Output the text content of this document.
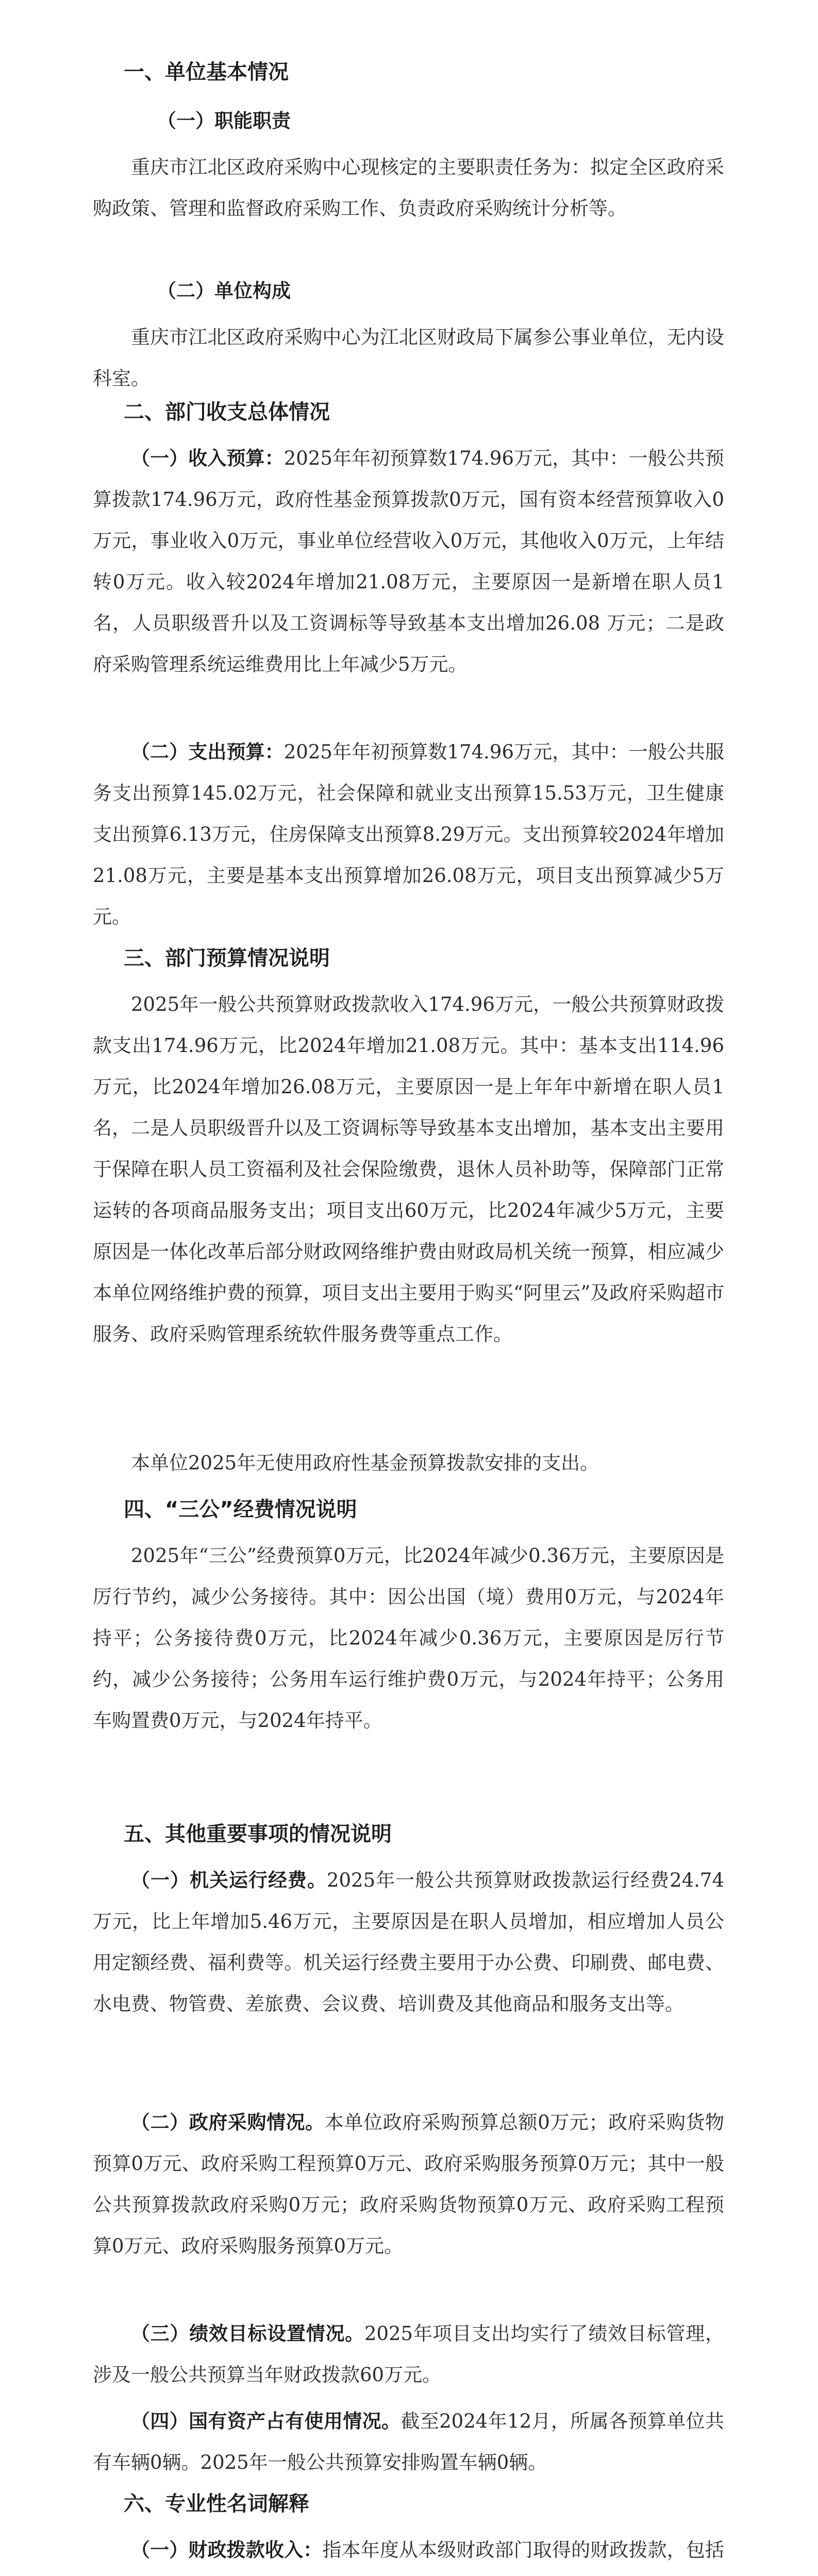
一、单位基本情况
（一）职能职责

重庆市江北区政府采购中心现核定的主要职责任务为：拟定全区政府采购政策、管理和监督政府采购工作、负责政府采购统计分析等。

（二）单位构成

重庆市江北区政府采购中心为江北区财政局下属参公事业单位，无内设科室。

二、部门收支总体情况

（一）收入预算：2025年年初预算数174.96万元，其中：一般公共预算拨款174.96万元，政府性基金预算拨款0万元，国有资本经营预算收入0万元，事业收入0万元，事业单位经营收入0万元，其他收入0万元，上年结转0万元。收入较2024年增加21.08万元，主要原因一是新增在职人员1名，人员职级晋升以及工资调标等导致基本支出增加26.08 万元；二是政府采购管理系统运维费用比上年减少5万元。

（二）支出预算：2025年年初预算数174.96万元，其中：一般公共服务支出预算145.02万元，社会保障和就业支出预算15.53万元，卫生健康支出预算6.13万元，住房保障支出预算8.29万元。支出预算较2024年增加21.08万元，主要是基本支出预算增加26.08万元，项目支出预算减少5万元。

三、部门预算情况说明

2025年一般公共预算财政拨款收入174.96万元，一般公共预算财政拨款支出174.96万元，比2024年增加21.08万元。其中：基本支出114.96万元，比2024年增加26.08万元，主要原因一是上年年中新增在职人员1名，二是人员职级晋升以及工资调标等导致基本支出增加，基本支出主要用于保障在职人员工资福利及社会保险缴费，退休人员补助等，保障部门正常运转的各项商品服务支出；项目支出60万元，比2024年减少5万元，主要原因是一体化改革后部分财政网络维护费由财政局机关统一预算，相应减少本单位网络维护费的预算，项目支出主要用于购买“阿里云”及政府采购超市服务、政府采购管理系统软件服务费等重点工作。

本单位2025年无使用政府性基金预算拨款安排的支出。

四、“三公”经费情况说明

2025年“三公”经费预算0万元，比2024年减少0.36万元，主要原因是厉行节约，减少公务接待。其中：因公出国（境）费用0万元，与2024年持平；公务接待费0万元，比2024年减少0.36万元，主要原因是厉行节约，减少公务接待；公务用车运行维护费0万元，与2024年持平；公务用车购置费0万元，与2024年持平。

五、其他重要事项的情况说明

（一）机关运行经费。2025年一般公共预算财政拨款运行经费24.74万元，比上年增加5.46万元，主要原因是在职人员增加，相应增加人员公用定额经费、福利费等。机关运行经费主要用于办公费、印刷费、邮电费、水电费、物管费、差旅费、会议费、培训费及其他商品和服务支出等。

（二）政府采购情况。本单位政府采购预算总额0万元；政府采购货物预算0万元、政府采购工程预算0万元、政府采购服务预算0万元；其中一般公共预算拨款政府采购0万元；政府采购货物预算0万元、政府采购工程预算0万元、政府采购服务预算0万元。

（三）绩效目标设置情况。2025年项目支出均实行了绩效目标管理，涉及一般公共预算当年财政拨款60万元。

（四）国有资产占有使用情况。截至2024年12月，所属各预算单位共有车辆0辆。2025年一般公共预算安排购置车辆0辆。

六、专业性名词解释

（一）财政拨款收入：指本年度从本级财政部门取得的财政拨款，包括
